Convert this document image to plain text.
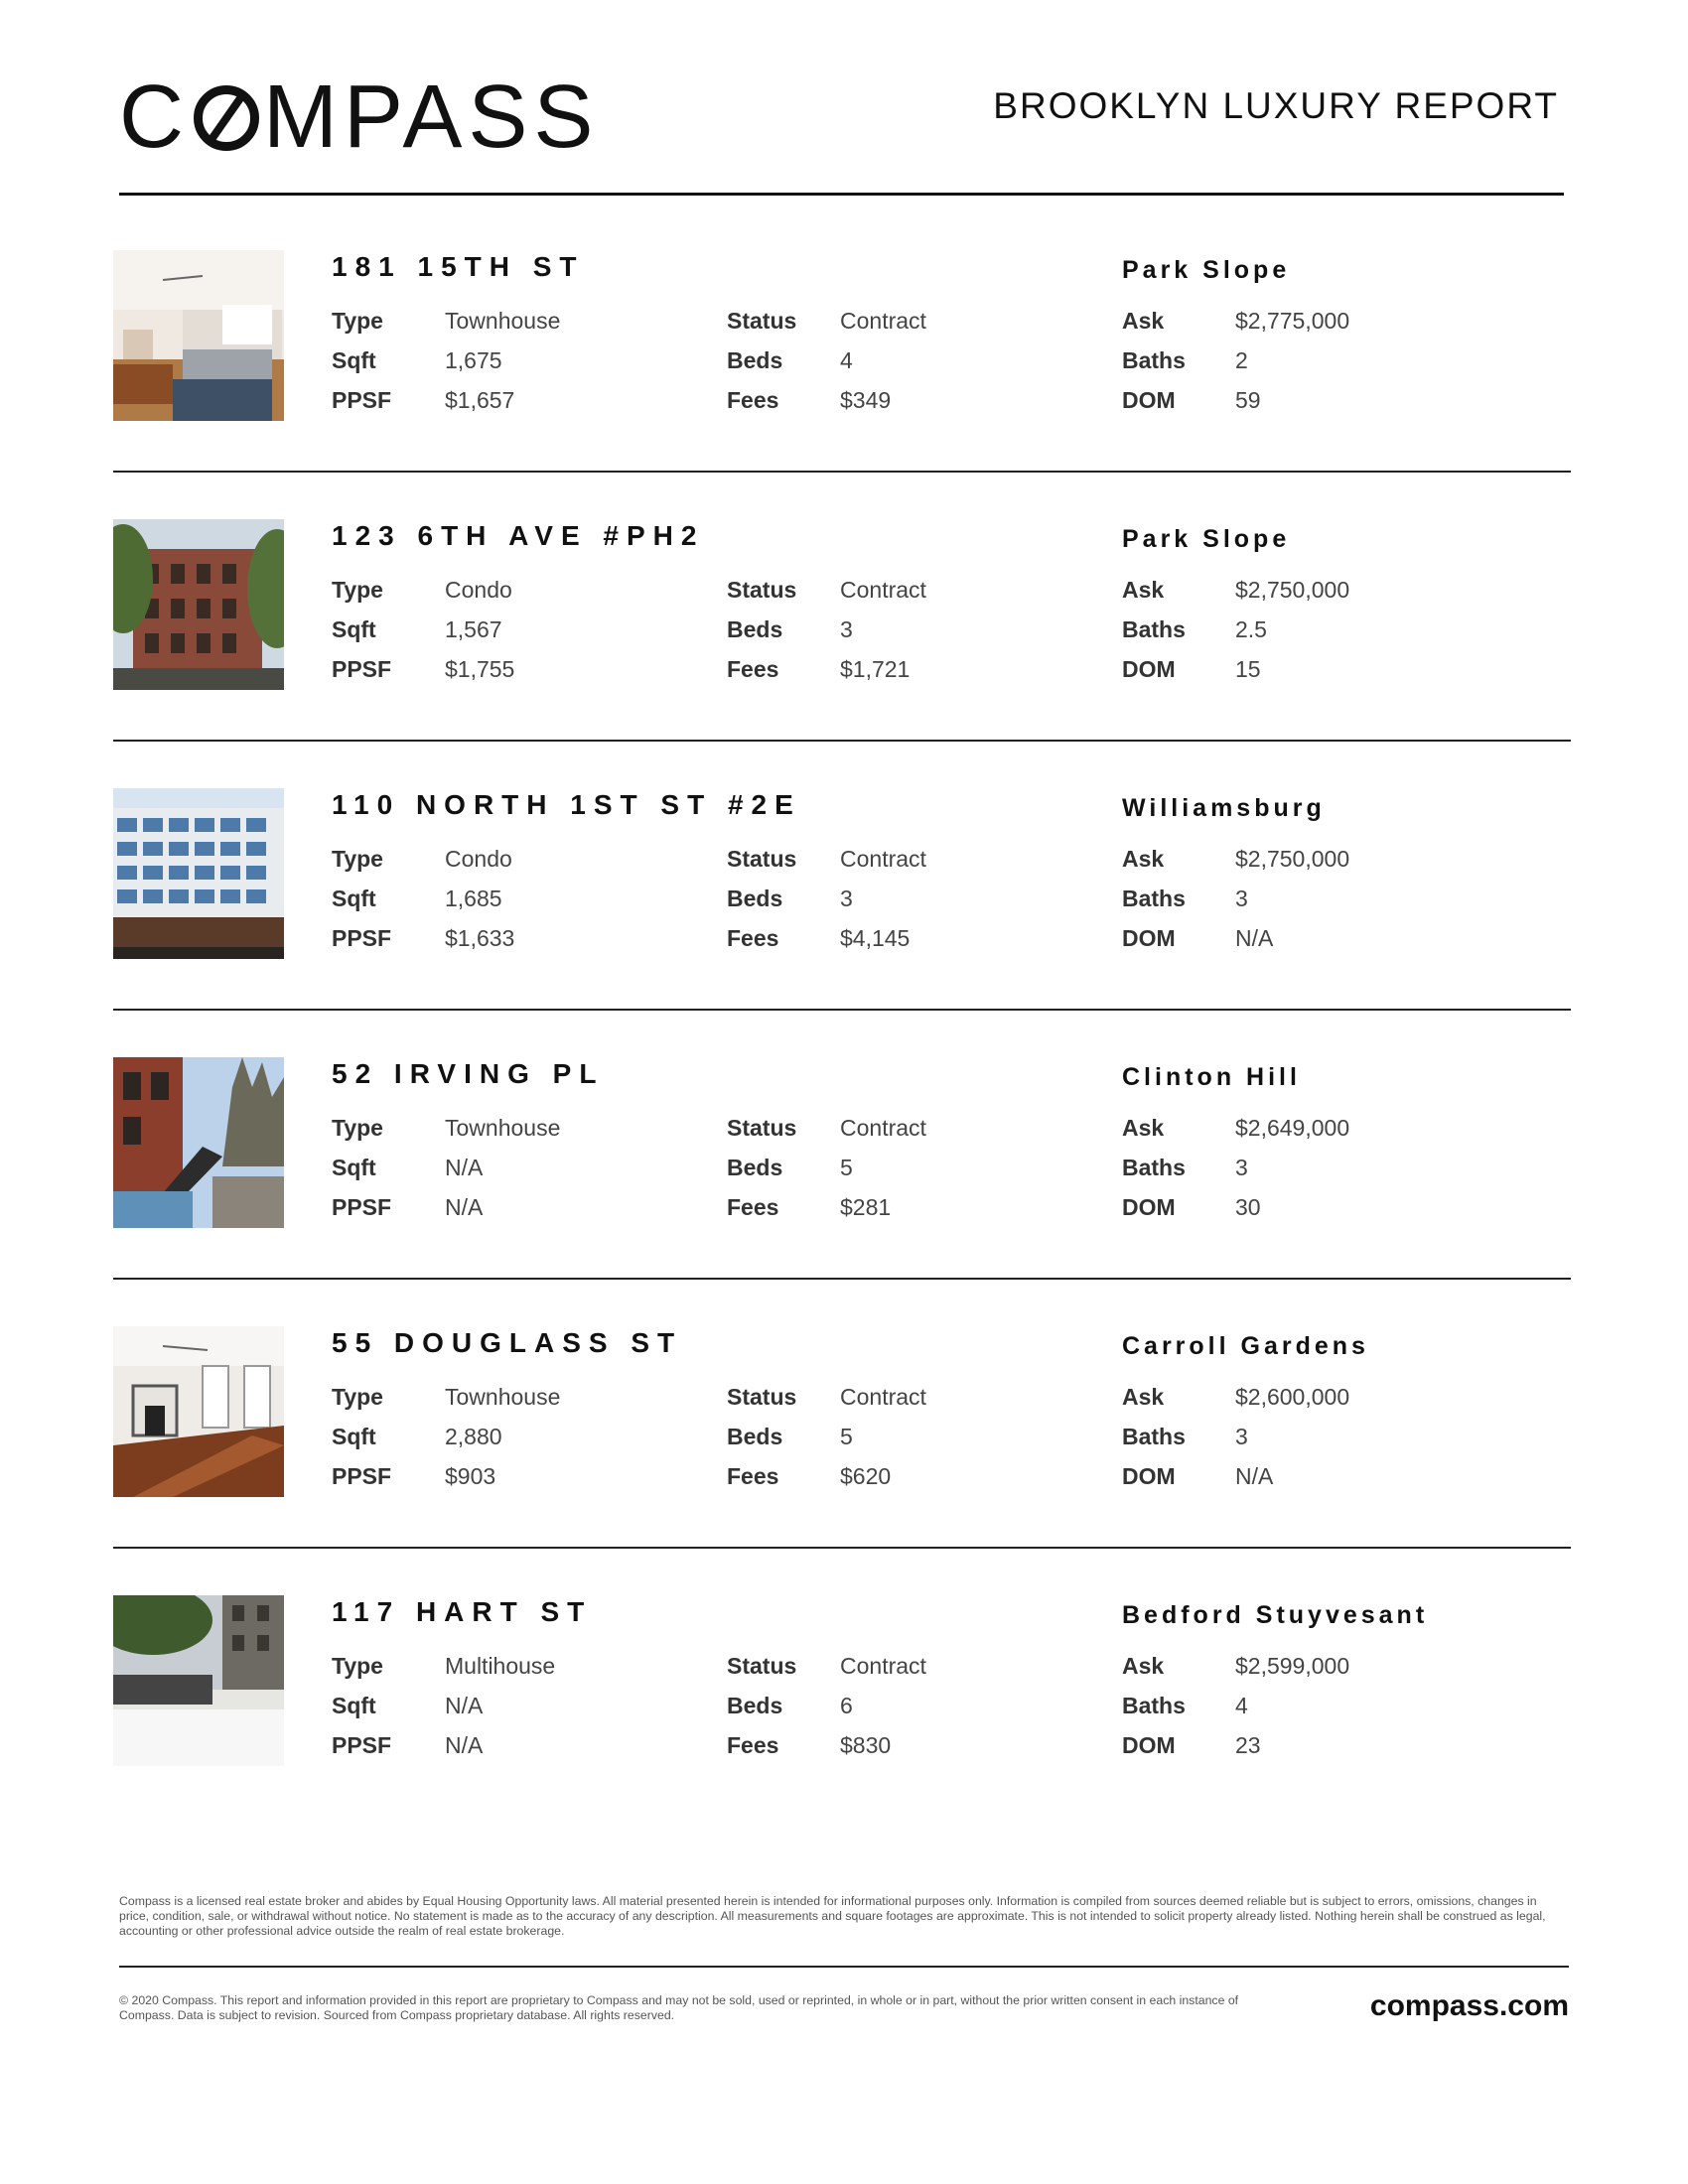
C MPASS	BROOKLYN LUXURY REPORT
181 15TH ST	Park Slope
Type	Townhouse
Sqft	1,675
PPSF $1,657
Status Contract
Beds	4
Fees	$349
Ask	$2,775,000
Baths 2
DOM	59
123 6TH AVE #PH2	Park Slope
Type	Condo
Sqft	1,567
PPSF $1,755
Status Contract
Beds	3
Fees	$1,721
Ask	$2,750,000
Baths 2.5
DOM	15
110 NORTH 1ST ST #2E	Williamsburg
Type	Condo
Sqft	1,685
PPSF $1,633
Status Contract
Beds	3
Fees	$4,145
Ask	$2,750,000
Baths 3
DOM	N/A
52 IRVING PL	Clinton Hill
Type	Townhouse
Sqft	N/A
PPSF N/A
Status Contract
Beds	5
Fees	$281
Ask	$2,649,000
Baths 3
DOM	30
55 DOUGLASS ST	Carroll Gardens
Type	Townhouse
Sqft	2,880
PPSF $903
Status Contract
Beds	5
Fees	$620
Ask	$2,600,000
Baths 3
DOM	N/A
117 HART ST	Bedford Stuyvesant
Type	Multihouse
Sqft	N/A
PPSF N/A
Status Contract
Beds	6
Fees	$830
Ask	$2,599,000
Baths 4
DOM	23
Compass is a licensed real estate broker and abides by Equal Housing Opportunity laws. All material presented herein is intended for informational purposes only. Information is compiled from sources deemed reliable but is subject to errors, omissions, changes in price, condition, sale, or withdrawal without notice. No statement is made as to the accuracy of any description. All measurements and square footages are approximate. This is not intended to solicit property already listed. Nothing herein shall be construed as legal, accounting or other professional advice outside the realm of real estate brokerage.
© 2020 Compass. This report and information provided in this report are proprietary to Compass and may not be sold, used or reprinted, in whole or in part, without the prior written consent in each instance of Compass. Data is subject to revision. Sourced from Compass proprietary database. All rights reserved.	compass.com
